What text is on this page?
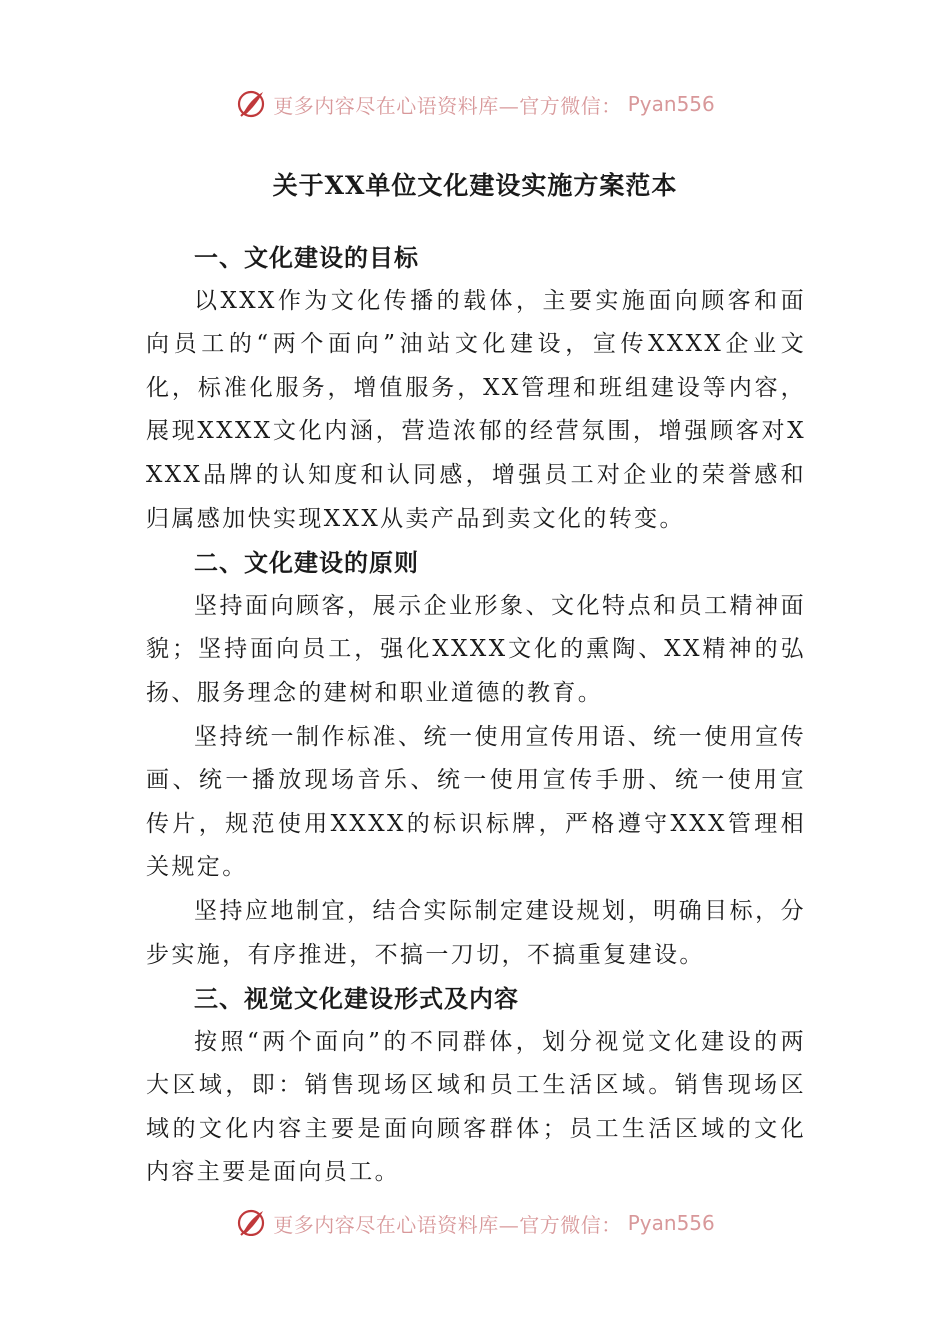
更多内容尽在心语资料库—官方微信： Pyan556
关于XX单位文化建设实施方案范本
一、文化建设的目标

以XXX作为文化传播的载体，主要实施面向顾客和面向员工的“两个面向”油站文化建设，宣传XXXX企业文化，标准化服务，增值服务，XX管理和班组建设等内容，展现XXXX文化内涵，营造浓郁的经营氛围，增强顾客对XXXX品牌的认知度和认同感，增强员工对企业的荣誉感和归属感加快实现XXX从卖产品到卖文化的转变。

二、文化建设的原则

坚持面向顾客，展示企业形象、文化特点和员工精神面貌；坚持面向员工，强化XXXX文化的熏陶、XX精神的弘扬、服务理念的建树和职业道德的教育。

坚持统一制作标准、统一使用宣传用语、统一使用宣传画、统一播放现场音乐、统一使用宣传手册、统一使用宣传片，规范使用XXXX的标识标牌，严格遵守XXX管理相关规定。

坚持应地制宜，结合实际制定建设规划，明确目标，分步实施，有序推进，不搞一刀切，不搞重复建设。

三、视觉文化建设形式及内容

按照“两个面向”的不同群体，划分视觉文化建设的两大区域，即：销售现场区域和员工生活区域。销售现场区域的文化内容主要是面向顾客群体；员工生活区域的文化内容主要是面向员工。

更多内容尽在心语资料库—官方微信： Pyan556
